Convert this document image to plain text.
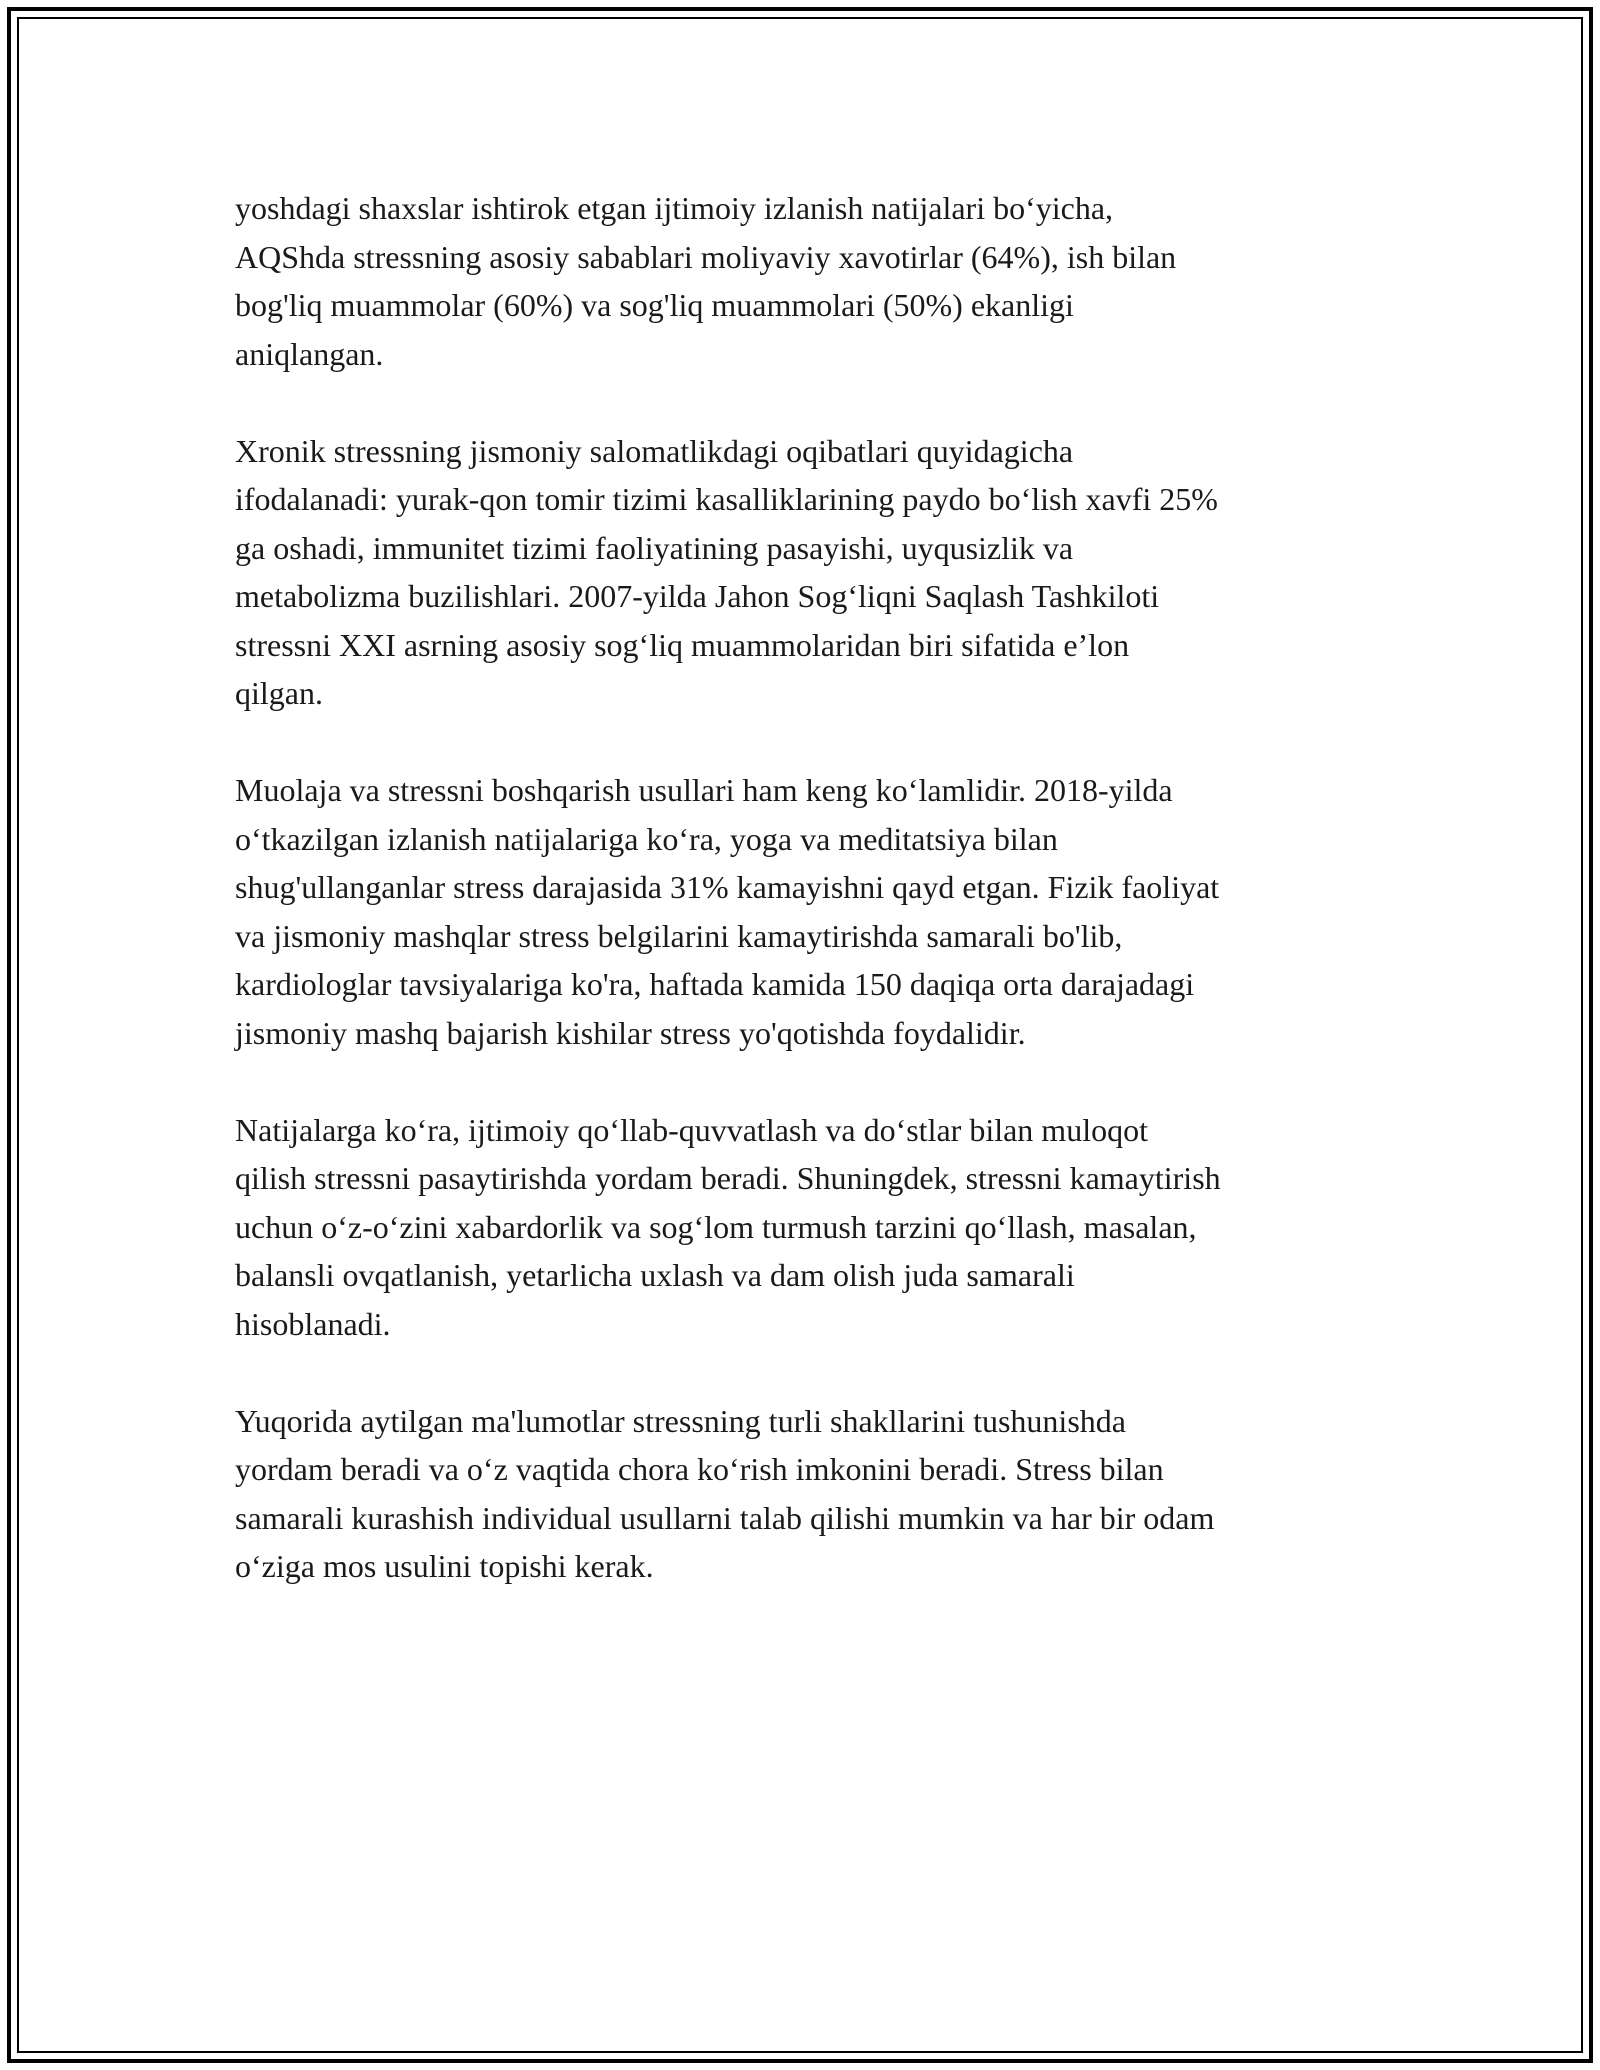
yoshdagi shaxslar ishtirok etgan ijtimoiy izlanish natijalari boʻyicha,
AQShda stressning asosiy sabablari moliyaviy xavotirlar (64%), ish bilan
bog'liq muammolar (60%) va sog'liq muammolari (50%) ekanligi
aniqlangan.

Xronik stressning jismoniy salomatlikdagi oqibatlari quyidagicha
ifodalanadi: yurak-qon tomir tizimi kasalliklarining paydo boʻlish xavfi 25%
ga oshadi, immunitet tizimi faoliyatining pasayishi, uyqusizlik va
metabolizma buzilishlari. 2007-yilda Jahon Sogʻliqni Saqlash Tashkiloti
stressni XXI asrning asosiy sogʻliq muammolaridan biri sifatida e’lon
qilgan.

Muolaja va stressni boshqarish usullari ham keng koʻlamlidir. 2018-yilda
oʻtkazilgan izlanish natijalariga koʻra, yoga va meditatsiya bilan
shug'ullanganlar stress darajasida 31% kamayishni qayd etgan. Fizik faoliyat
va jismoniy mashqlar stress belgilarini kamaytirishda samarali bo'lib,
kardiologlar tavsiyalariga ko'ra, haftada kamida 150 daqiqa orta darajadagi
jismoniy mashq bajarish kishilar stress yo'qotishda foydalidir.

Natijalarga koʻra, ijtimoiy qoʻllab-quvvatlash va doʻstlar bilan muloqot
qilish stressni pasaytirishda yordam beradi. Shuningdek, stressni kamaytirish
uchun oʻz-oʻzini xabardorlik va sogʻlom turmush tarzini qoʻllash, masalan,
balansli ovqatlanish, yetarlicha uxlash va dam olish juda samarali
hisoblanadi.

Yuqorida aytilgan ma'lumotlar stressning turli shakllarini tushunishda
yordam beradi va oʻz vaqtida chora koʻrish imkonini beradi. Stress bilan
samarali kurashish individual usullarni talab qilishi mumkin va har bir odam
oʻziga mos usulini topishi kerak.
